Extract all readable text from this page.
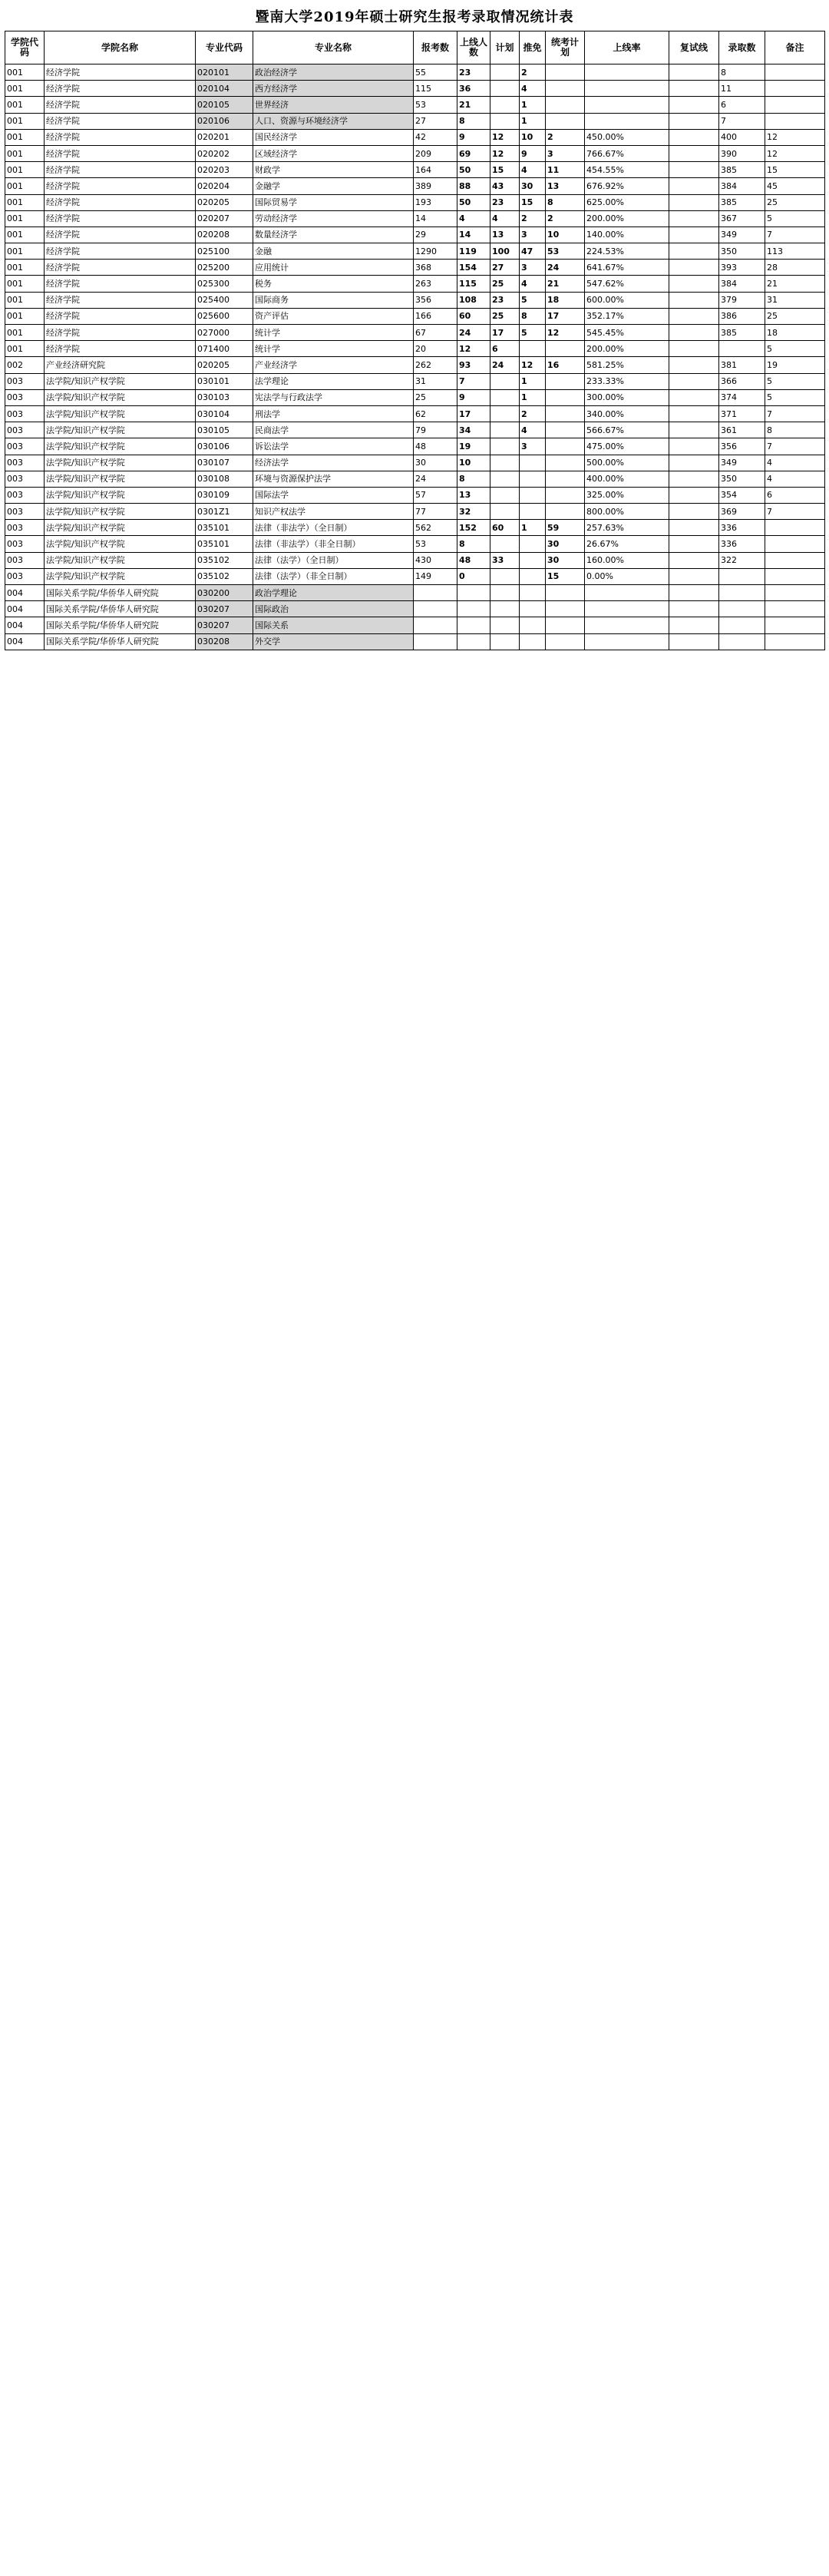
暨南大学2019年硕士研究生报考录取情况统计表
学院代码	学院名称	专业代码	专业名称	报考数	上线人数	计划	推免	统考计划	上线率	复试线	录取数	备注
001	经济学院	020101	政治经济学	55	23		2				8	
001	经济学院	020104	西方经济学	115	36		4				11	
001	经济学院	020105	世界经济	53	21		1				6	
001	经济学院	020106	人口、资源与环境经济学	27	8		1				7	
001	经济学院	020201	国民经济学	42	9	12	10	2	450.00%		400	12
001	经济学院	020202	区域经济学	209	69	12	9	3	766.67%		390	12
001	经济学院	020203	财政学	164	50	15	4	11	454.55%		385	15
001	经济学院	020204	金融学	389	88	43	30	13	676.92%		384	45
001	经济学院	020205	国际贸易学	193	50	23	15	8	625.00%		385	25
001	经济学院	020207	劳动经济学	14	4	4	2	2	200.00%		367	5
001	经济学院	020208	数量经济学	29	14	13	3	10	140.00%		349	7
001	经济学院	025100	金融	1290	119	100	47	53	224.53%		350	113
001	经济学院	025200	应用统计	368	154	27	3	24	641.67%		393	28
001	经济学院	025300	税务	263	115	25	4	21	547.62%		384	21
001	经济学院	025400	国际商务	356	108	23	5	18	600.00%		379	31
001	经济学院	025600	资产评估	166	60	25	8	17	352.17%		386	25
001	经济学院	027000	统计学	67	24	17	5	12	545.45%		385	18
001	经济学院	071400	统计学	20	12	6			200.00%			5
002	产业经济研究院	020205	产业经济学	262	93	24	12	16	581.25%		381	19
003	法学院/知识产权学院	030101	法学理论	31	7		1		233.33%		366	5
003	法学院/知识产权学院	030103	宪法学与行政法学	25	9		1		300.00%		374	5
003	法学院/知识产权学院	030104	刑法学	62	17		2		340.00%		371	7
003	法学院/知识产权学院	030105	民商法学	79	34		4		566.67%		361	8
003	法学院/知识产权学院	030106	诉讼法学	48	19		3		475.00%		356	7
003	法学院/知识产权学院	030107	经济法学	30	10				500.00%		349	4
003	法学院/知识产权学院	030108	环境与资源保护法学	24	8				400.00%		350	4
003	法学院/知识产权学院	030109	国际法学	57	13				325.00%		354	6
003	法学院/知识产权学院	0301Z1	知识产权法学	77	32				800.00%		369	7
003	法学院/知识产权学院	035101	法律（非法学）（全日制）	562	152	60	1	59	257.63%		336	
003	法学院/知识产权学院	035101	法律（非法学）（非全日制）	53	8			30	26.67%		336	
003	法学院/知识产权学院	035102	法律（法学）（全日制）	430	48	33		30	160.00%		322	
003	法学院/知识产权学院	035102	法律（法学）（非全日制）	149	0			15	0.00%			
004	国际关系学院/华侨华人研究院	030200	政治学理论									
004	国际关系学院/华侨华人研究院	030207	国际政治									
004	国际关系学院/华侨华人研究院	030207	国际关系									
004	国际关系学院/华侨华人研究院	030208	外交学									
